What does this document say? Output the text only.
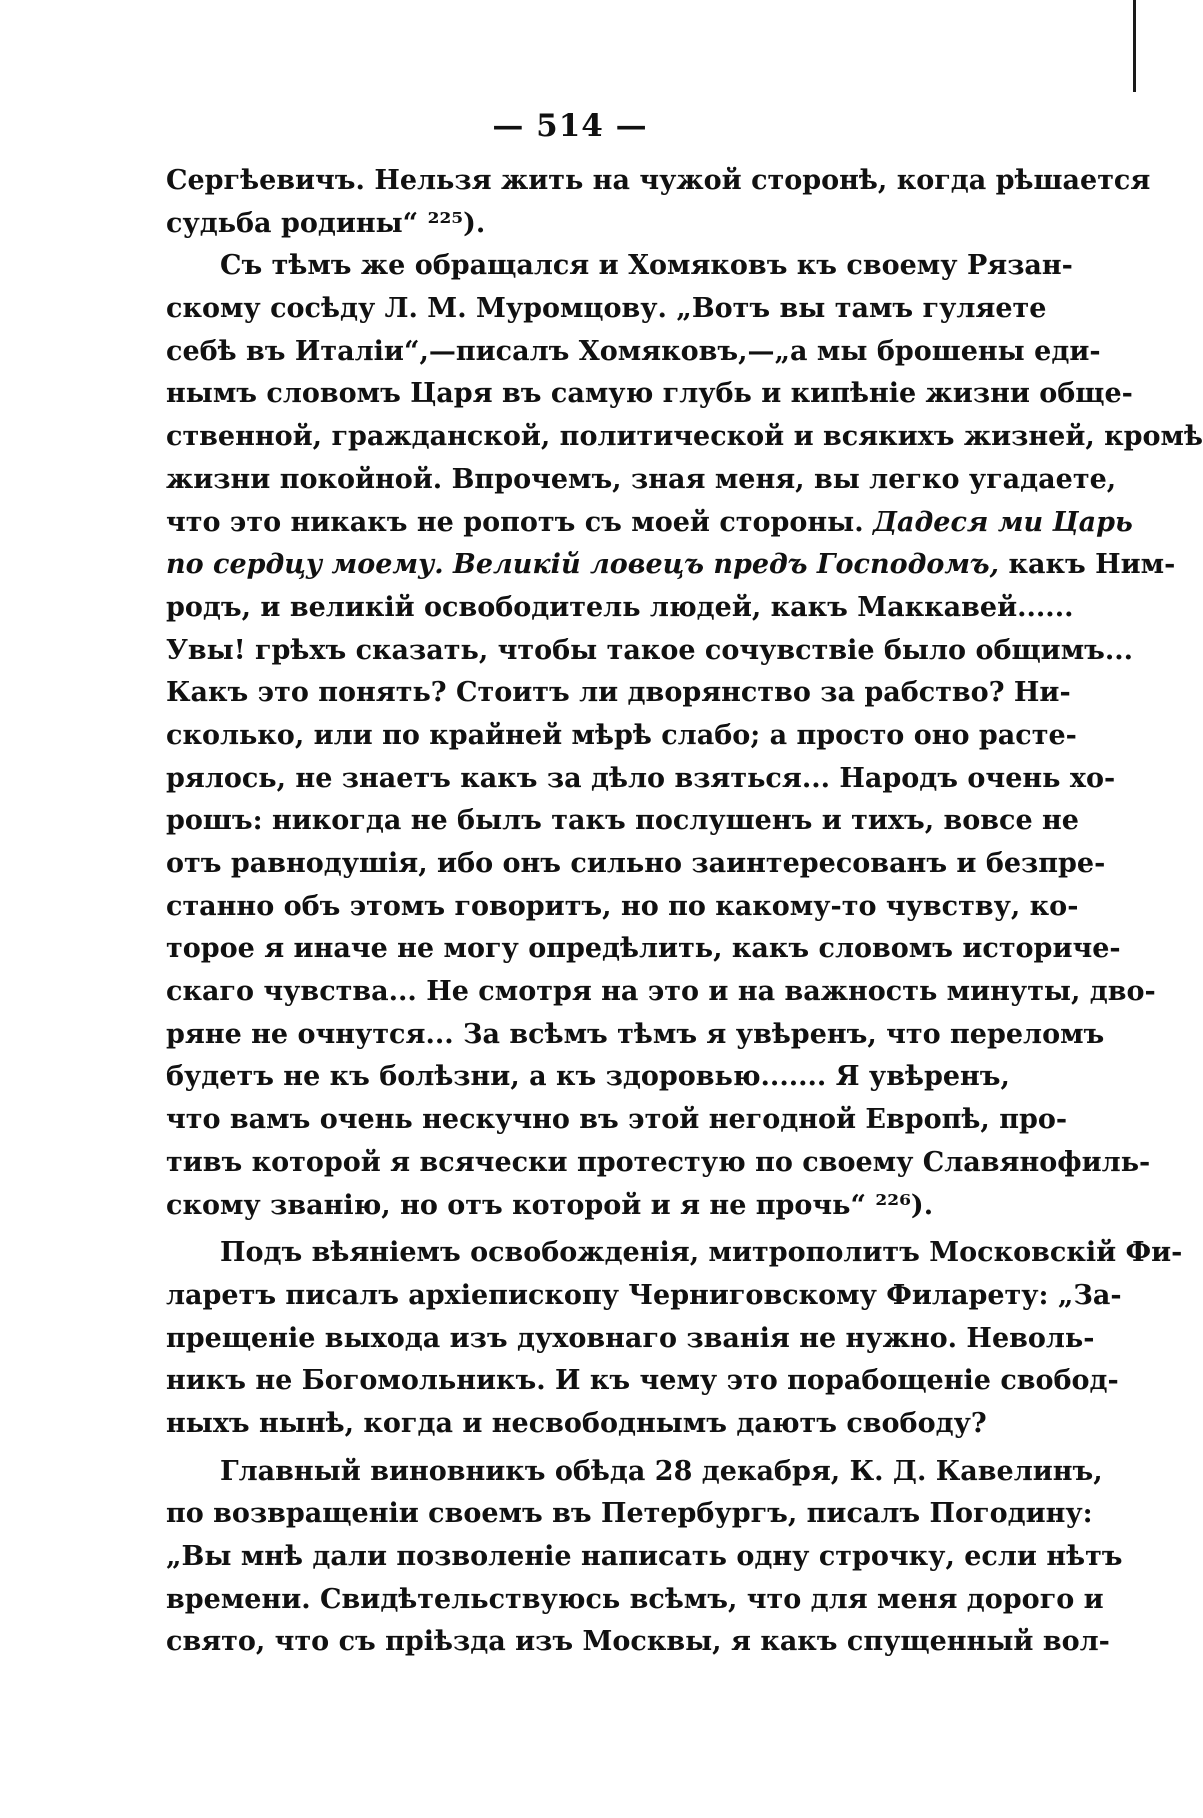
— 514 —
Сергѣевичъ. Нельзя жить на чужой сторонѣ, когда рѣшается
судьба родины“ ²²⁵).
Съ тѣмъ же обращался и Хомяковъ къ своему Рязан-
скому сосѣду Л. М. Муромцову. „Вотъ вы тамъ гуляете
себѣ въ Италіи“,—писалъ Хомяковъ,—„а мы брошены еди-
нымъ словомъ Царя въ самую глубь и кипѣніе жизни обще-
ственной, гражданской, политической и всякихъ жизней, кромѣ
жизни покойной. Впрочемъ, зная меня, вы легко угадаете,
что это никакъ не ропотъ съ моей стороны. Дадеся ми Царь
по сердцу моему. Великій ловецъ предъ Господомъ, какъ Ним-
родъ, и великій освободитель людей, какъ Маккавей......
Увы! грѣхъ сказать, чтобы такое сочувствіе было общимъ...
Какъ это понять? Стоитъ ли дворянство за рабство? Ни-
сколько, или по крайней мѣрѣ слабо; а просто оно расте-
рялось, не знаетъ какъ за дѣло взяться... Народъ очень хо-
рошъ: никогда не былъ такъ послушенъ и тихъ, вовсе не
отъ равнодушія, ибо онъ сильно заинтересованъ и безпре-
станно объ этомъ говоритъ, но по какому-то чувству, ко-
торое я иначе не могу опредѣлить, какъ словомъ историче-
скаго чувства... Не смотря на это и на важность минуты, дво-
ряне не очнутся... За всѣмъ тѣмъ я увѣренъ, что переломъ
будетъ не къ болѣзни, а къ здоровью....... Я увѣренъ,
что вамъ очень нескучно въ этой негодной Европѣ, про-
тивъ которой я всячески протестую по своему Славянофиль-
скому званію, но отъ которой и я не прочь“ ²²⁶).
Подъ вѣяніемъ освобожденія, митрополитъ Московскій Фи-
ларетъ писалъ архіепископу Черниговскому Филарету: „За-
прещеніе выхода изъ духовнаго званія не нужно. Неволь-
никъ не Богомольникъ. И къ чему это порабощеніе свобод-
ныхъ нынѣ, когда и несвободнымъ даютъ свободу?
Главный виновникъ обѣда 28 декабря, К. Д. Кавелинъ,
по возвращеніи своемъ въ Петербургъ, писалъ Погодину:
„Вы мнѣ дали позволеніе написать одну строчку, если нѣтъ
времени. Свидѣтельствуюсь всѣмъ, что для меня дорого и
свято, что съ пріѣзда изъ Москвы, я какъ спущенный вол-
